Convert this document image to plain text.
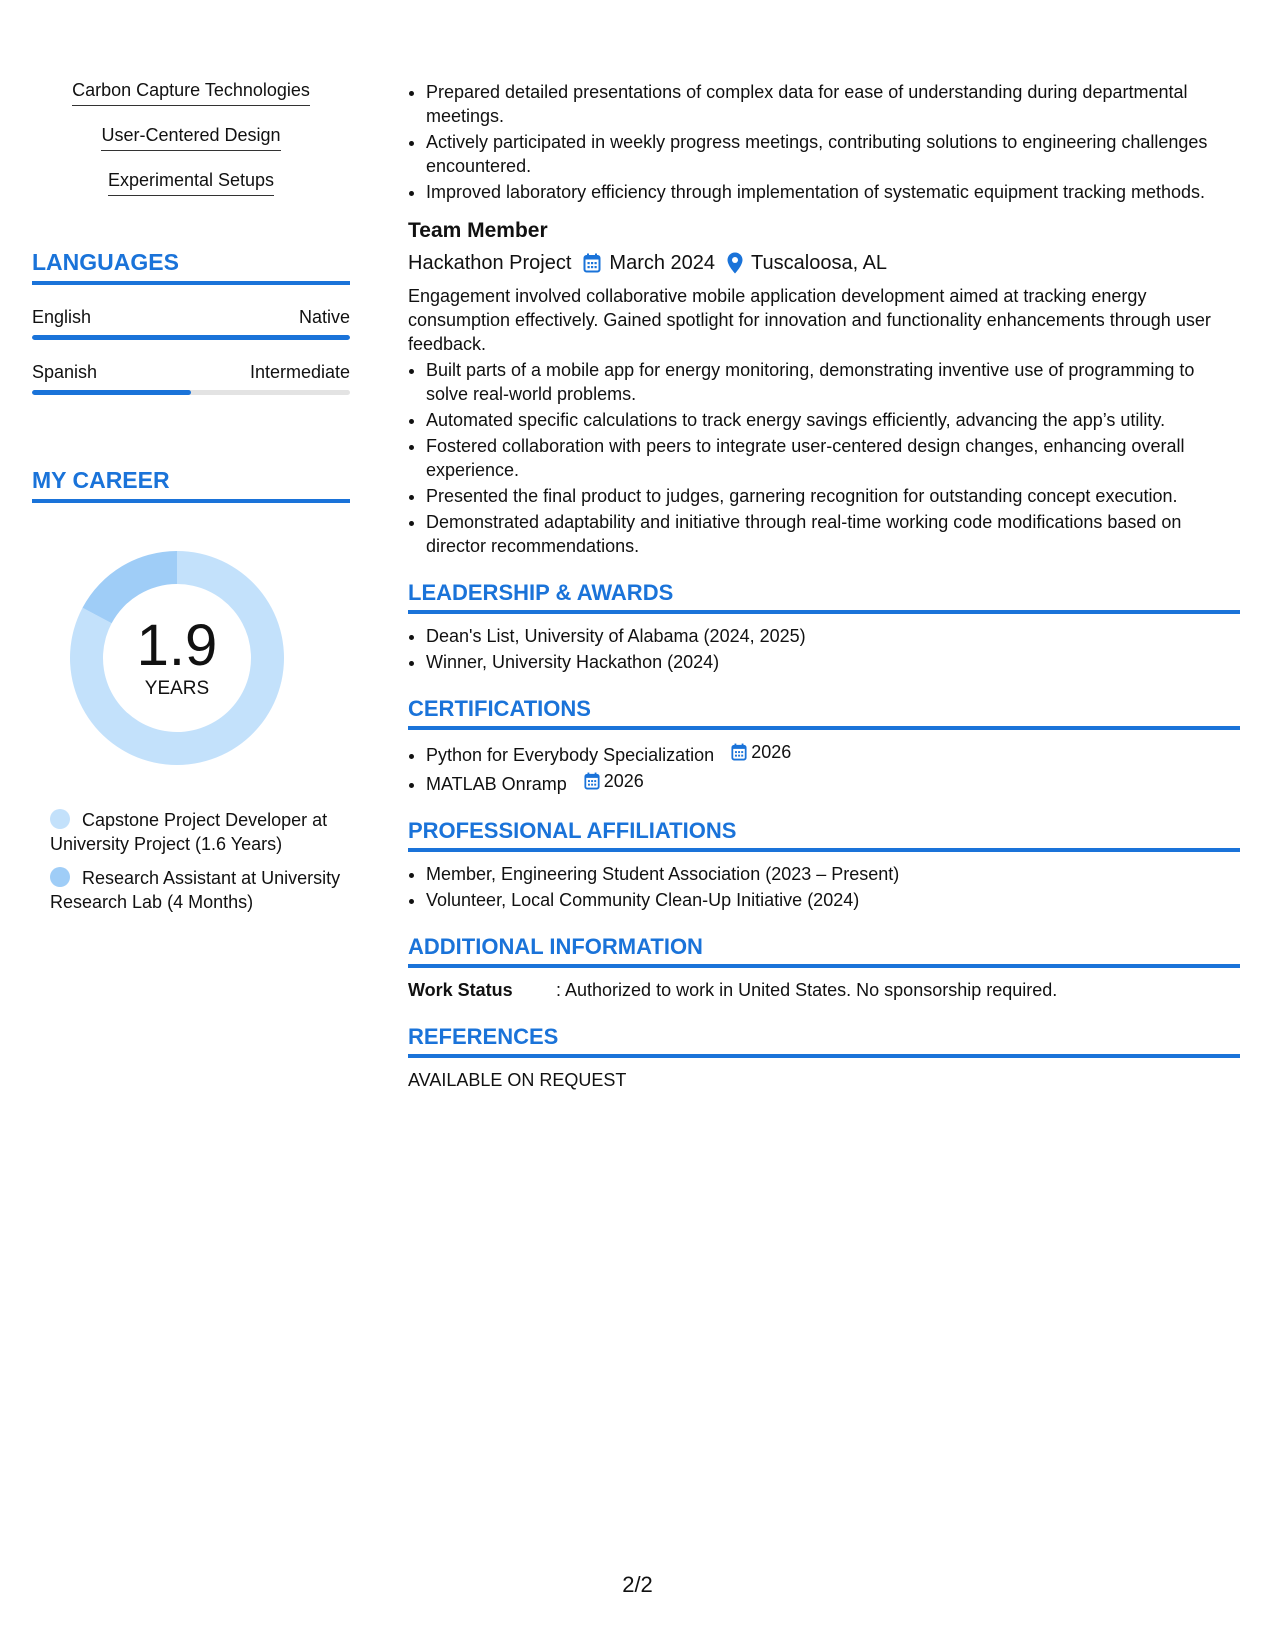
Carbon Capture Technologies
User-Centered Design
Experimental Setups
LANGUAGES
English	Native
Spanish	Intermediate
MY CAREER
1.9
YEARS
Capstone Project Developer at University Project (1.6 Years)
Research Assistant at University Research Lab (4 Months)
• Prepared detailed presentations of complex data for ease of understanding during departmental meetings.
• Actively participated in weekly progress meetings, contributing solutions to engineering challenges encountered.
• Improved laboratory efficiency through implementation of systematic equipment tracking methods.
Team Member
Hackathon Project March 2024 Tuscaloosa, AL
Engagement involved collaborative mobile application development aimed at tracking energy consumption effectively. Gained spotlight for innovation and functionality enhancements through user feedback.
• Built parts of a mobile app for energy monitoring, demonstrating inventive use of programming to solve real-world problems.
• Automated specific calculations to track energy savings efficiently, advancing the app’s utility.
• Fostered collaboration with peers to integrate user-centered design changes, enhancing overall experience.
• Presented the final product to judges, garnering recognition for outstanding concept execution.
• Demonstrated adaptability and initiative through real-time working code modifications based on director recommendations.
LEADERSHIP & AWARDS
• Dean's List, University of Alabama (2024, 2025)
• Winner, University Hackathon (2024)
CERTIFICATIONS
• Python for Everybody Specialization 2026
• MATLAB Onramp 2026
PROFESSIONAL AFFILIATIONS
• Member, Engineering Student Association (2023 – Present)
• Volunteer, Local Community Clean-Up Initiative (2024)
ADDITIONAL INFORMATION
Work Status	: Authorized to work in United States. No sponsorship required.
REFERENCES
AVAILABLE ON REQUEST
2/2
